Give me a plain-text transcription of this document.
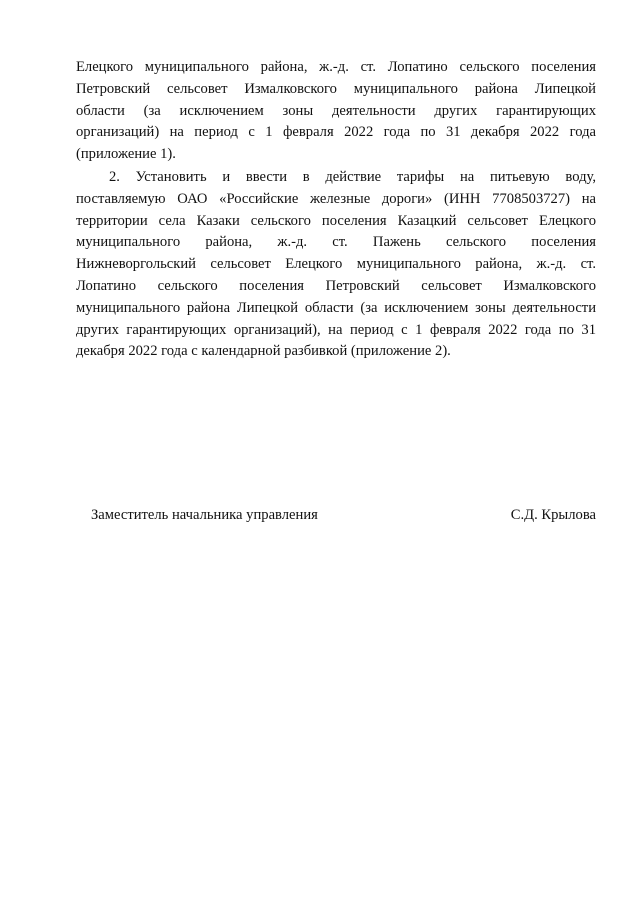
Елецкого муниципального района, ж.-д. ст. Лопатино сельского поселения
Петровский сельсовет Измалковского муниципального района Липецкой
области (за исключением зоны деятельности других гарантирующих
организаций) на период с 1 февраля 2022 года по 31 декабря 2022 года
(приложение 1).
2. Установить и ввести в действие тарифы на питьевую воду,
поставляемую ОАО «Российские железные дороги» (ИНН 7708503727) на
территории села Казаки сельского поселения Казацкий сельсовет Елецкого
муниципального района, ж.-д. ст. Пажень сельского поселения
Нижневоргольский сельсовет Елецкого муниципального района, ж.-д. ст.
Лопатино сельского поселения Петровский сельсовет Измалковского
муниципального района Липецкой области (за исключением зоны деятельности
других гарантирующих организаций), на период с 1 февраля 2022 года по 31
декабря 2022 года с календарной разбивкой (приложение 2).
Заместитель начальника управления	С.Д. Крылова
